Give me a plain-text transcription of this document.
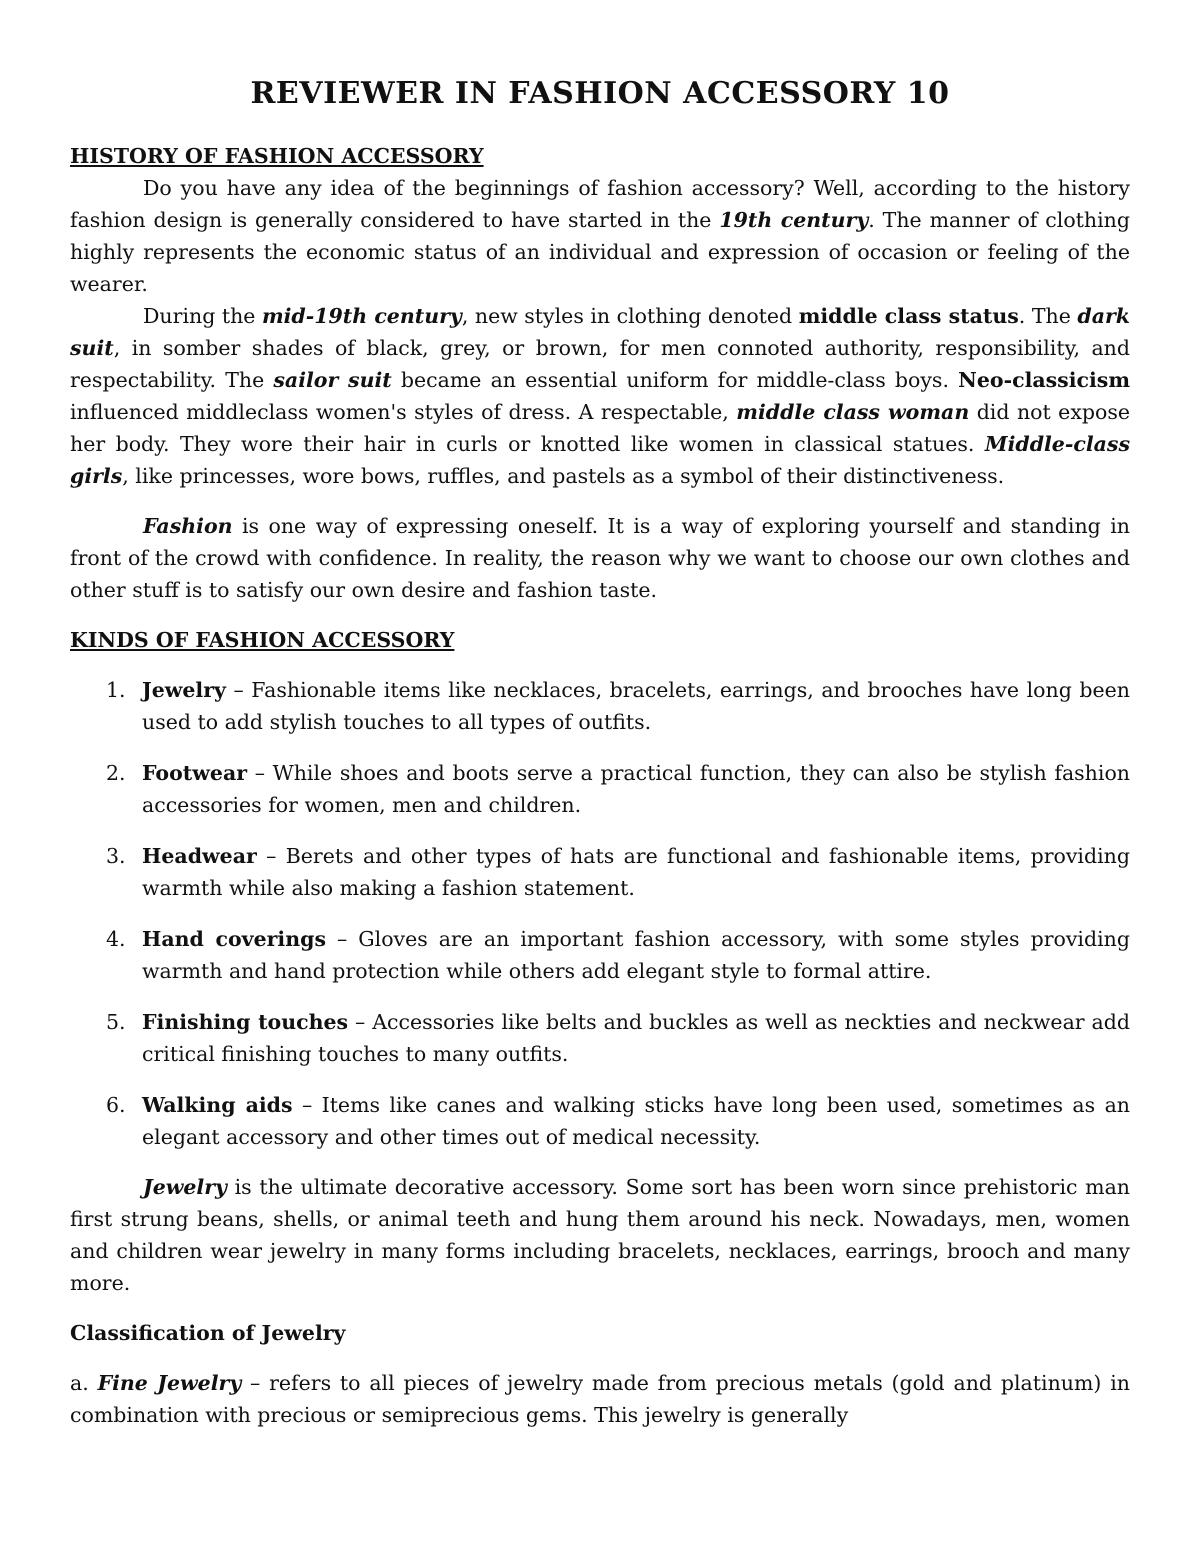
REVIEWER IN FASHION ACCESSORY 10
HISTORY OF FASHION ACCESSORY

Do you have any idea of the beginnings of fashion accessory? Well, according to the history fashion design is generally considered to have started in the 19th century. The manner of clothing highly represents the economic status of an individual and expression of occasion or feeling of the wearer.

During the mid-19th century, new styles in clothing denoted middle class status. The dark suit, in somber shades of black, grey, or brown, for men connoted authority, responsibility, and respectability. The sailor suit became an essential uniform for middle-class boys. Neo-classicism influenced middleclass women's styles of dress. A respectable, middle class woman did not expose her body. They wore their hair in curls or knotted like women in classical statues. Middle-class girls, like princesses, wore bows, ruffles, and pastels as a symbol of their distinctiveness.

Fashion is one way of expressing oneself. It is a way of exploring yourself and standing in front of the crowd with confidence. In reality, the reason why we want to choose our own clothes and other stuff is to satisfy our own desire and fashion taste.

KINDS OF FASHION ACCESSORY
1. Jewelry – Fashionable items like necklaces, bracelets, earrings, and brooches have long been used to add stylish touches to all types of outfits.
2. Footwear – While shoes and boots serve a practical function, they can also be stylish fashion accessories for women, men and children.
3. Headwear – Berets and other types of hats are functional and fashionable items, providing warmth while also making a fashion statement.
4. Hand coverings – Gloves are an important fashion accessory, with some styles providing warmth and hand protection while others add elegant style to formal attire.
5. Finishing touches – Accessories like belts and buckles as well as neckties and neckwear add critical finishing touches to many outfits.
6. Walking aids – Items like canes and walking sticks have long been used, sometimes as an elegant accessory and other times out of medical necessity.

Jewelry is the ultimate decorative accessory. Some sort has been worn since prehistoric man first strung beans, shells, or animal teeth and hung them around his neck. Nowadays, men, women and children wear jewelry in many forms including bracelets, necklaces, earrings, brooch and many more.

Classification of Jewelry

a. Fine Jewelry – refers to all pieces of jewelry made from precious metals (gold and platinum) in combination with precious or semiprecious gems. This jewelry is generally
